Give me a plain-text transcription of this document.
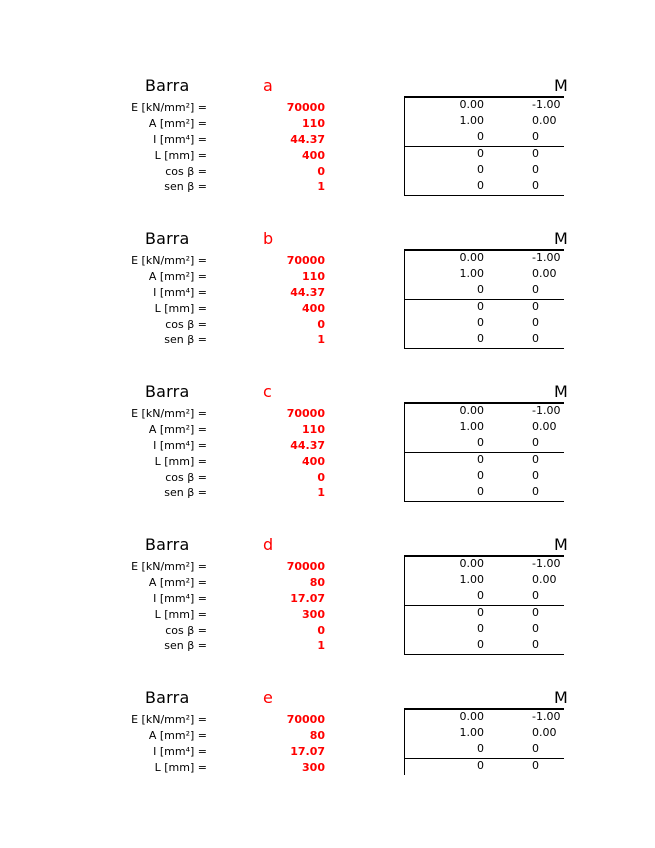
Barra	a	M
E [kN/mm²] =	70000
A [mm²] =	110
I [mm⁴] =	44.37
L [mm] =	400
cos β =	0
sen β =	1
0.00	-1.00
1.00	0.00
0	0
0	0
0	0
0	0
Barra	b	M
E [kN/mm²] =	70000
A [mm²] =	110
I [mm⁴] =	44.37
L [mm] =	400
cos β =	0
sen β =	1
0.00	-1.00
1.00	0.00
0	0
0	0
0	0
0	0
Barra	c	M
E [kN/mm²] =	70000
A [mm²] =	110
I [mm⁴] =	44.37
L [mm] =	400
cos β =	0
sen β =	1
0.00	-1.00
1.00	0.00
0	0
0	0
0	0
0	0
Barra	d	M
E [kN/mm²] =	70000
A [mm²] =	80
I [mm⁴] =	17.07
L [mm] =	300
cos β =	0
sen β =	1
0.00	-1.00
1.00	0.00
0	0
0	0
0	0
0	0
Barra	e	M
E [kN/mm²] =	70000
A [mm²] =	80
I [mm⁴] =	17.07
L [mm] =	300
0.00	-1.00
1.00	0.00
0	0
0	0
